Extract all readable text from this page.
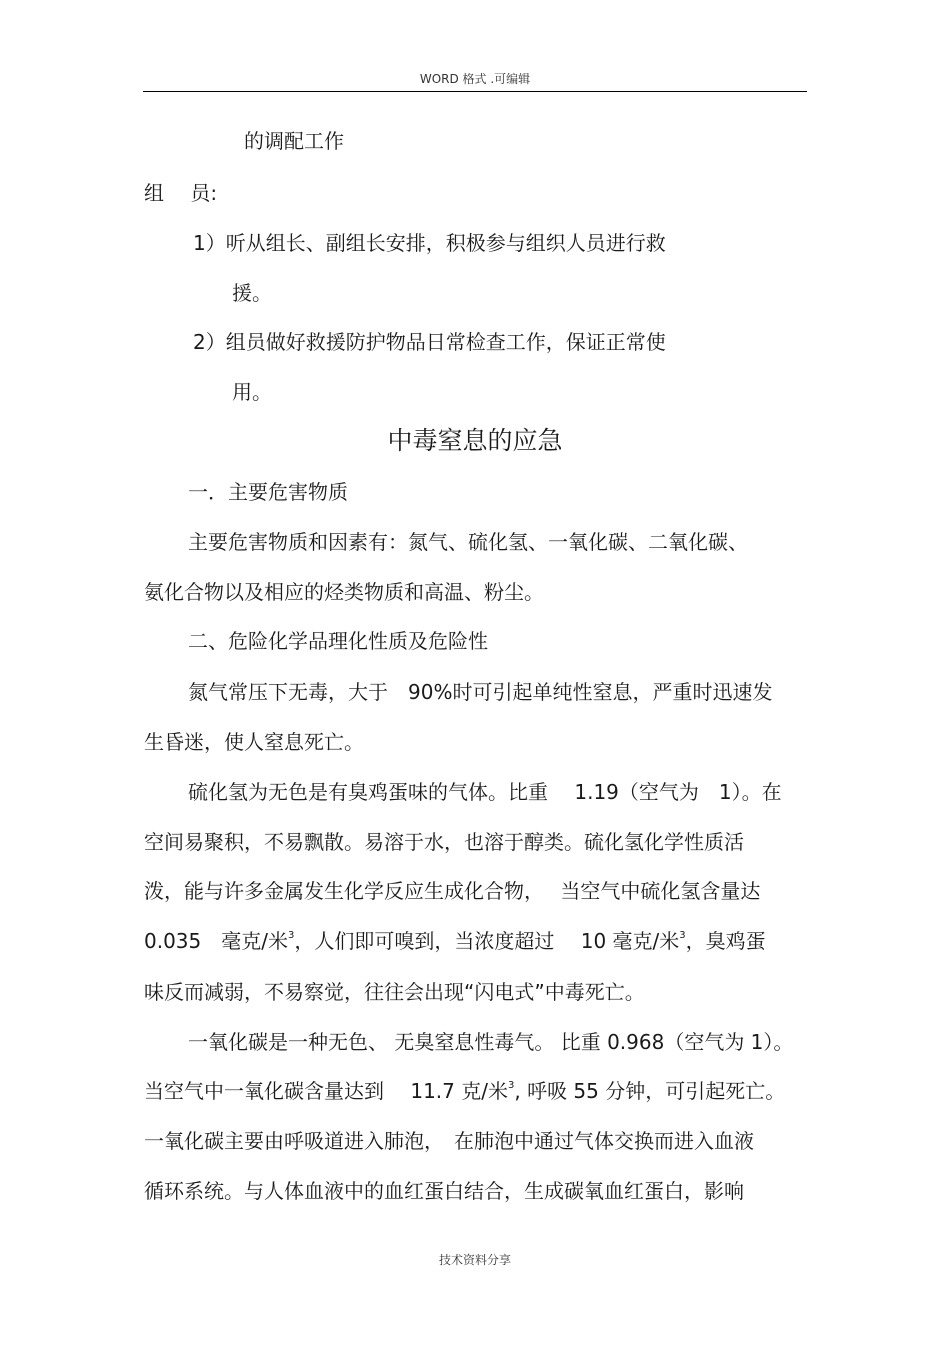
WORD 格式 .可编辑
的调配工作
组　 员:
1）听从组长、副组长安排，积极参与组织人员进行救
援。
2）组员做好救援防护物品日常检查工作，保证正常使
用。
中毒窒息的应急
一．主要危害物质
主要危害物质和因素有：氮气、硫化氢、一氧化碳、二氧化碳、
氨化合物以及相应的烃类物质和高温、粉尘。
二、危险化学品理化性质及危险性
氮气常压下无毒，大于　90%时可引起单纯性窒息，严重时迅速发
生昏迷，使人窒息死亡。
硫化氢为无色是有臭鸡蛋味的气体。比重　 1.19（空气为　1）。在
空间易聚积，不易飘散。易溶于水，也溶于醇类。硫化氢化学性质活
泼，能与许多金属发生化学反应生成化合物，　 当空气中硫化氢含量达
0.035　毫克/米$^3$，人们即可嗅到，当浓度超过　 10 毫克/米$^3$，臭鸡蛋
味反而减弱，不易察觉，往往会出现“闪电式”中毒死亡。
一氧化碳是一种无色、 无臭窒息性毒气。 比重 0.968（空气为 1）。
当空气中一氧化碳含量达到　 11.7 克/米$^3$, 呼吸 55 分钟，可引起死亡。
一氧化碳主要由呼吸道进入肺泡，　在肺泡中通过气体交换而进入血液
循环系统。与人体血液中的血红蛋白结合，生成碳氧血红蛋白，影响
技术资料分享
